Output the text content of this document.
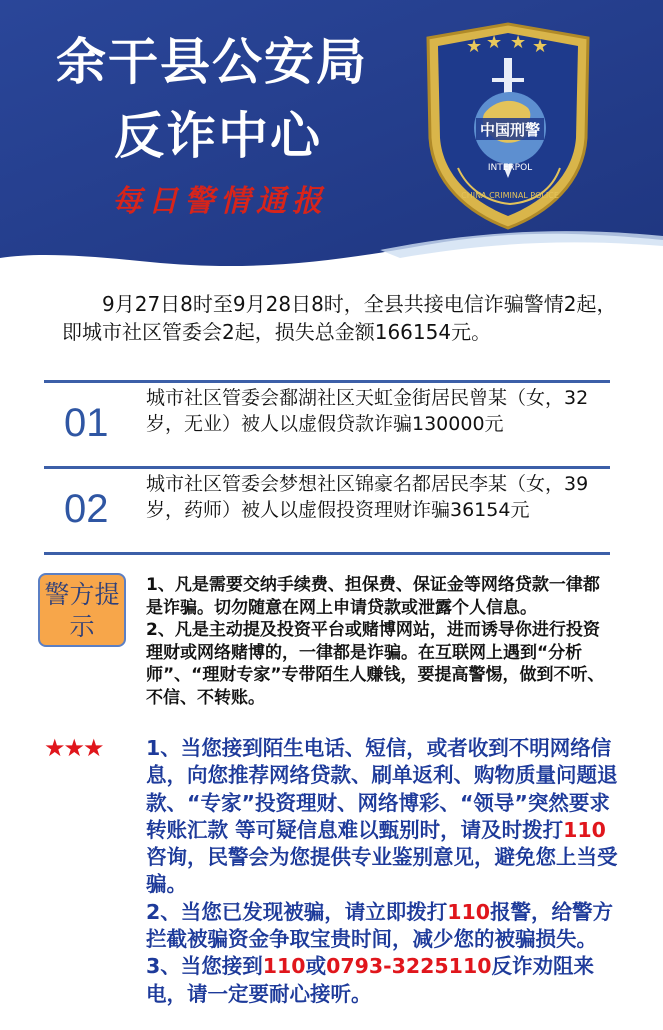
余干县公安局
反诈中心
每日警情通报
★ ★ ★ ★
中国刑警
INTERPOL
CHINA CRIMINAL POLICE
9月27日8时至9月28日8时，全县共接电信诈骗警情2起，即城市社区管委会2起，损失总金额166154元。
01
城市社区管委会鄱湖社区天虹金街居民曾某（女，32岁，无业）被人以虚假贷款诈骗130000元
02
城市社区管委会梦想社区锦豪名都居民李某（女，39岁，药师）被人以虚假投资理财诈骗36154元
警方提示

1、凡是需要交纳手续费、担保费、保证金等网络贷款一律都是诈骗。切勿随意在网上申请贷款或泄露个人信息。

2、凡是主动提及投资平台或赌博网站，进而诱导你进行投资理财或网络赌博的，一律都是诈骗。在互联网上遇到“分析师”、“理财专家”专带陌生人赚钱，要提高警惕，做到不听、不信、不转账。

★★★ 1、当您接到陌生电话、短信，或者收到不明网络信息，向您推荐网络贷款、刷单返利、购物质量问题退款、“专家”投资理财、网络博彩、“领导”突然要求转账汇款 等可疑信息难以甄别时，请及时拨打110咨询，民警会为您提供专业鉴别意见，避免您上当受骗。

2、当您已发现被骗，请立即拨打110报警，给警方拦截被骗资金争取宝贵时间，减少您的被骗损失。

3、当您接到110或0793-3225110反诈劝阻来电，请一定要耐心接听。
